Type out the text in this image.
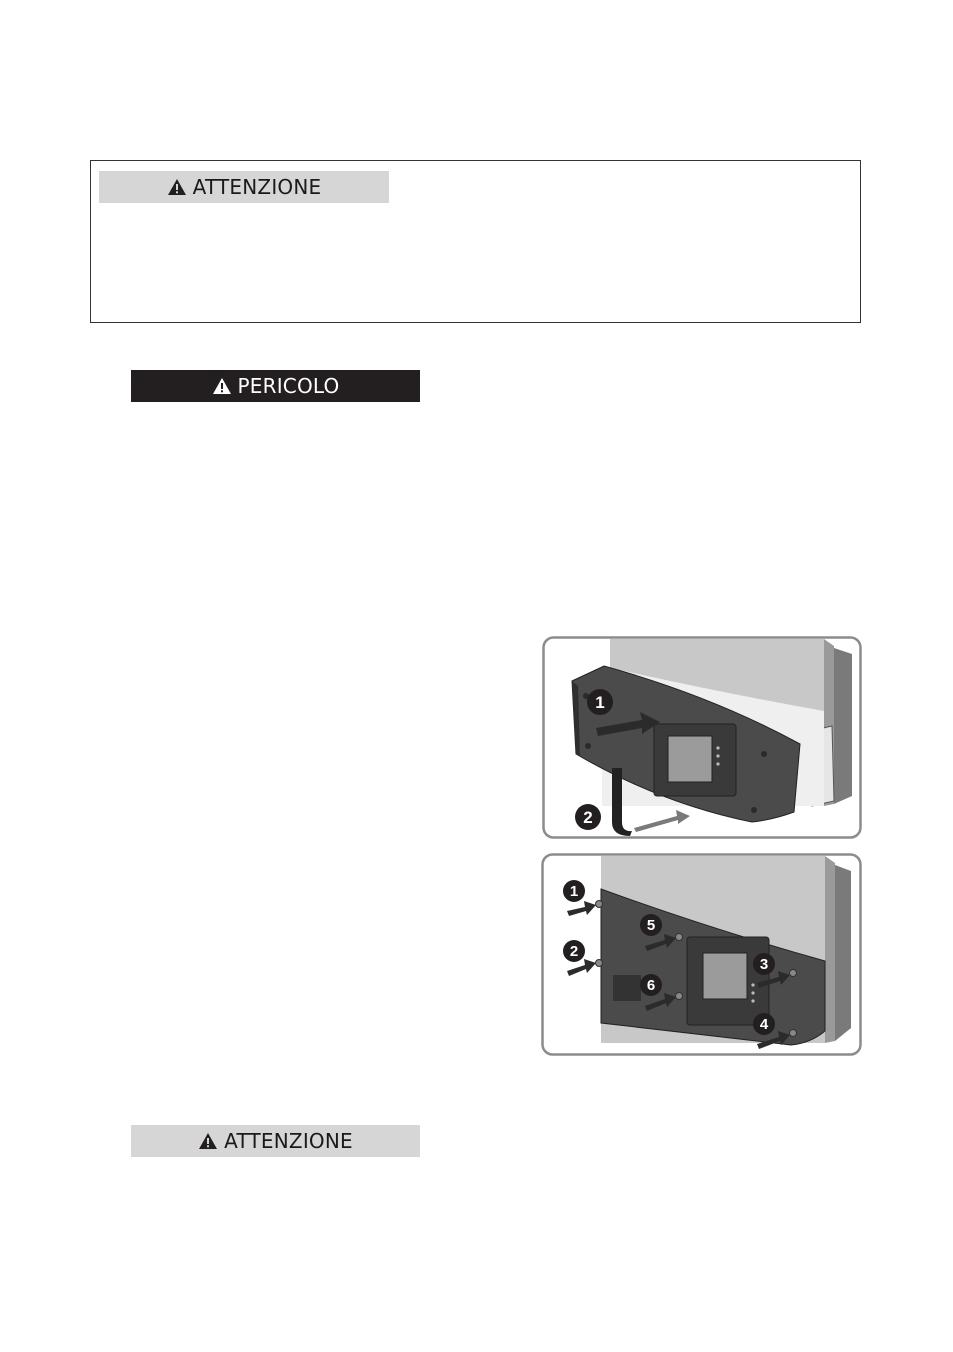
ATTENZIONE
PERICOLO
1
2
1
2
3
4
5
6
ATTENZIONE
